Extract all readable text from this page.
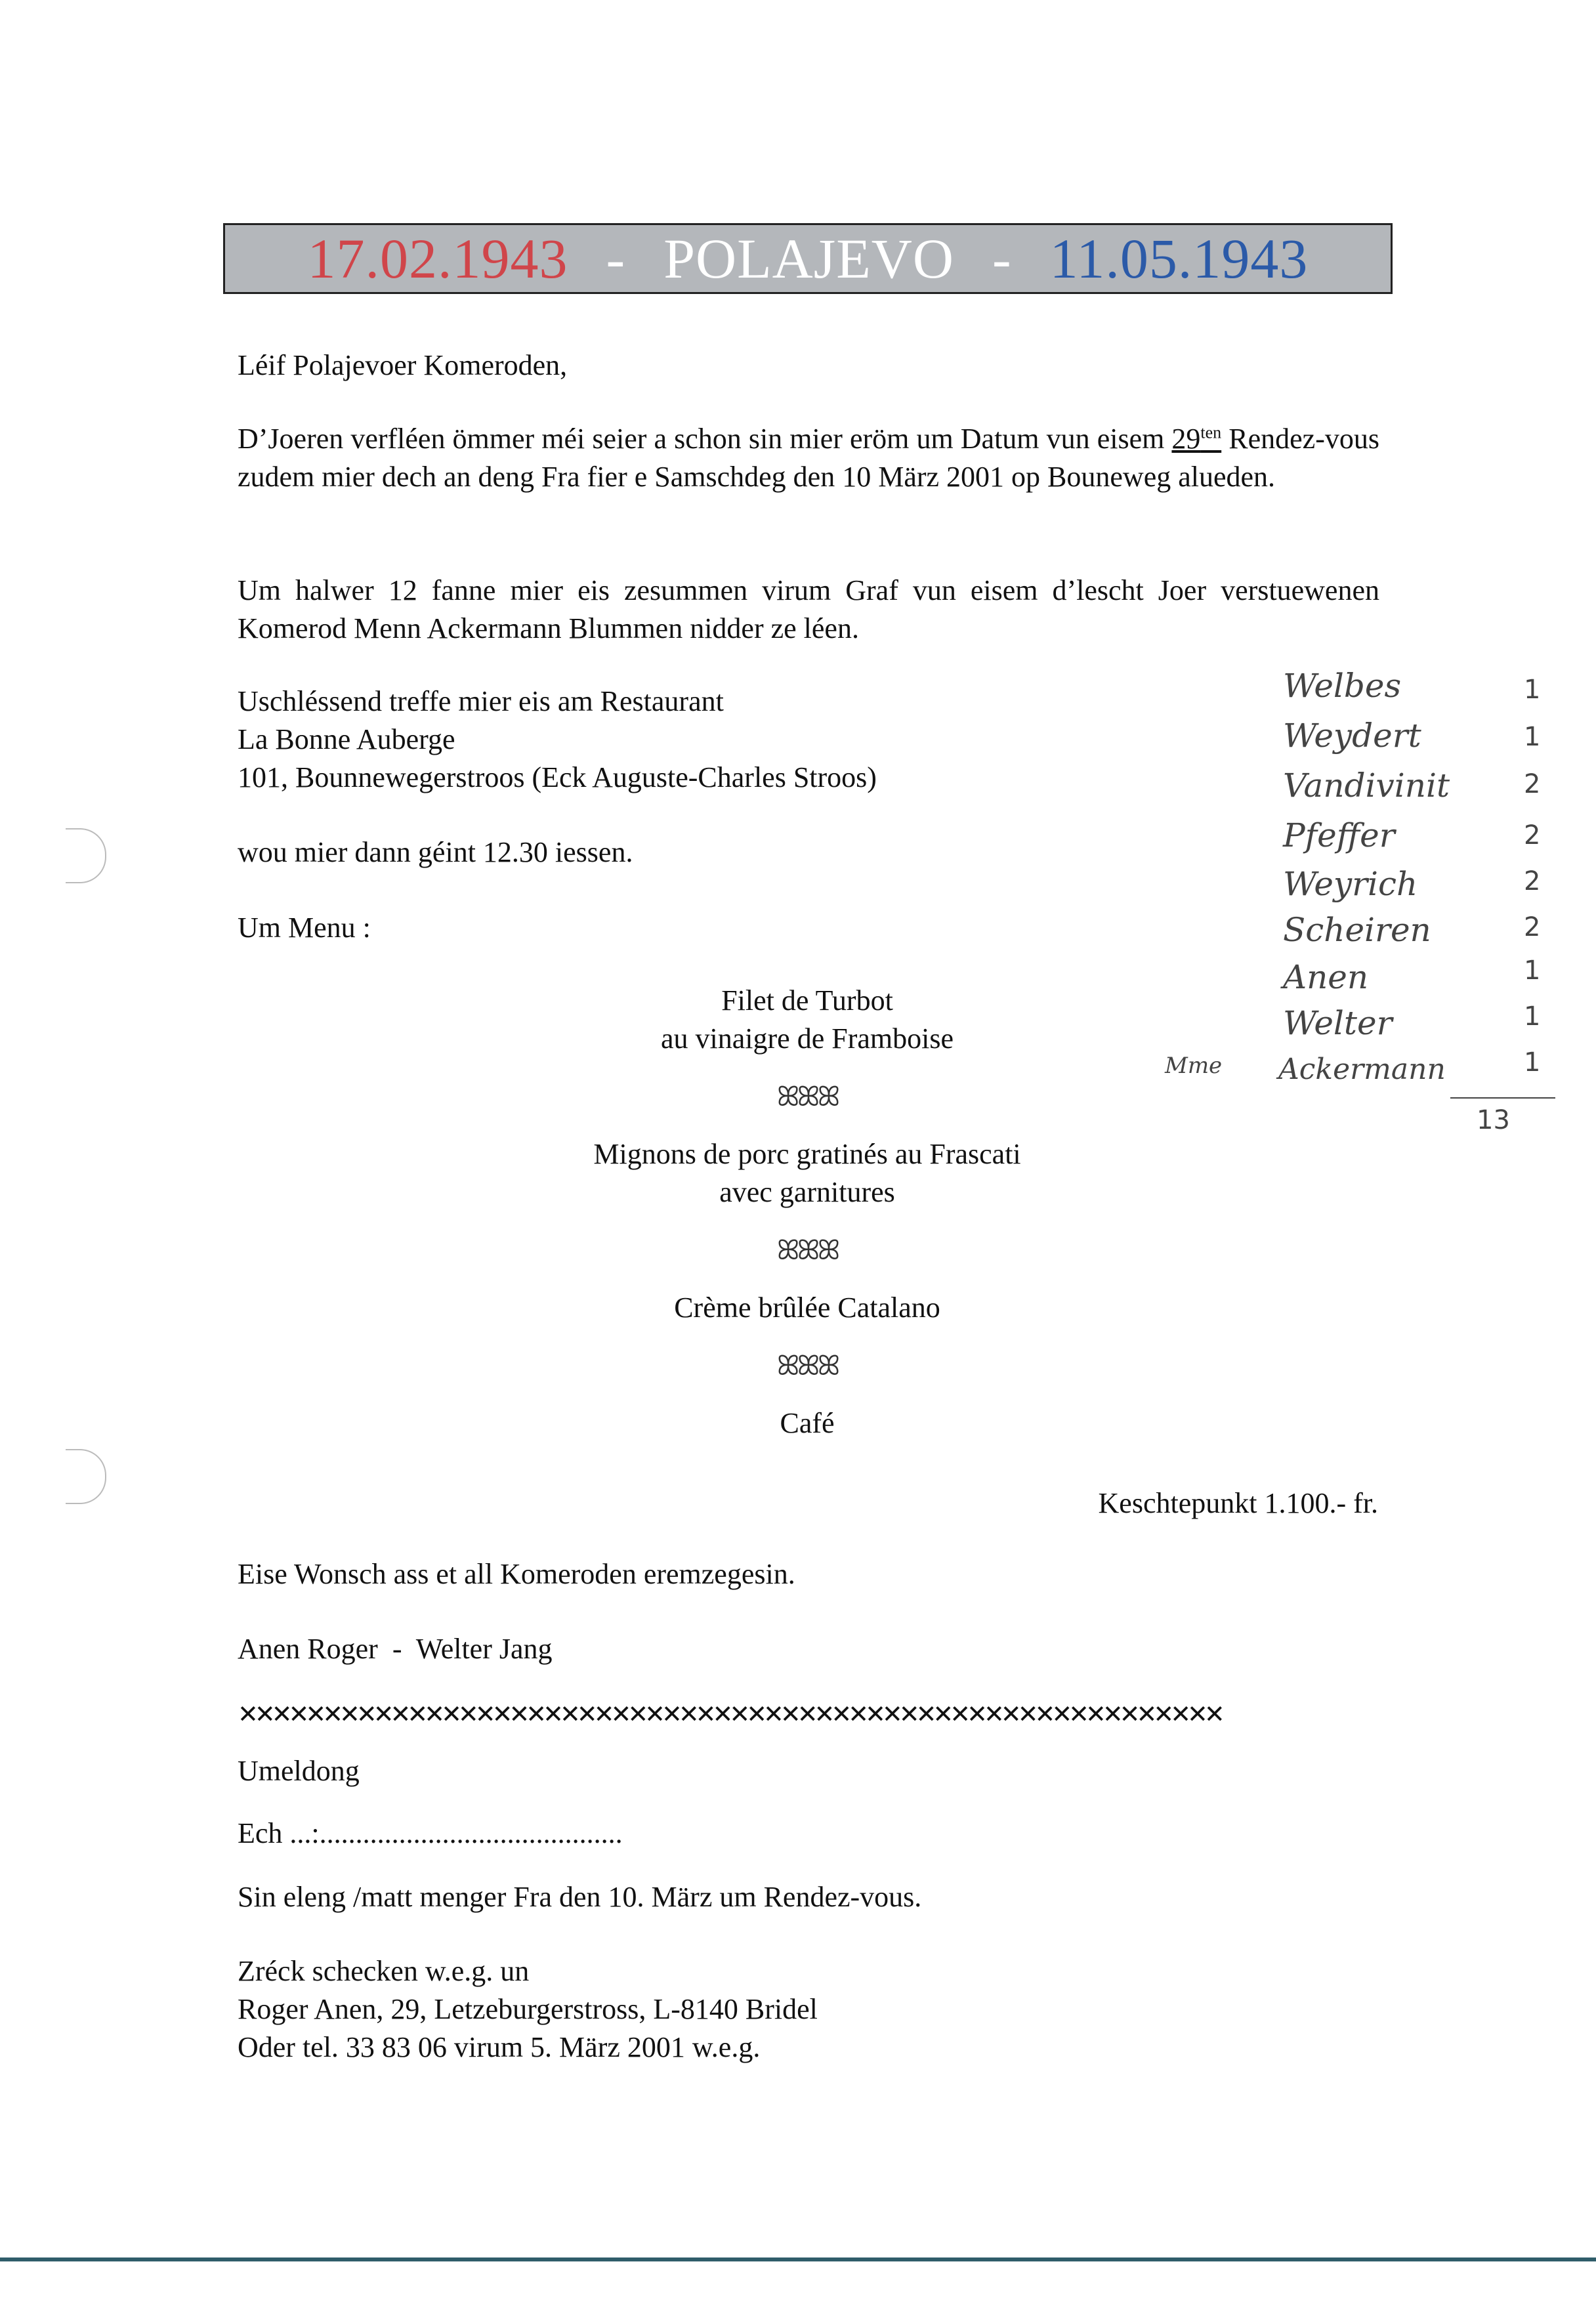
17.02.1943 - POLAJEVO - 11.05.1943
Léif Polajevoer Komeroden,
D’Joeren verfléen ömmer méi seier a schon sin mier eröm um Datum vun eisem $29^{ten}$ Rendez-vous zudem mier dech an deng Fra fier e Samschdeg den 10 März 2001 op Bouneweg alueden.
Um halwer 12 fanne mier eis zesummen virum Graf vun eisem d’lescht Joer verstuewenen Komerod Menn Ackermann Blummen nidder ze léen.
Uschléssend treffe mier eis am Restaurant
La Bonne Auberge
101, Bounnewegerstroos (Eck Auguste-Charles Stroos)
wou mier dann géint 12.30 iessen.
Um Menu :
Filet de Turbot
au vinaigre de Framboise
ꕤꕤꕤ
Mignons de porc gratinés au Frascati
avec garnitures
ꕤꕤꕤ
Crème brûlée Catalano
ꕤꕤꕤ
Café
Keschtepunkt 1.100.- fr.
Eise Wonsch ass et all Komeroden eremzegesin.
Anen Roger  -  Welter Jang
✕✕✕✕✕✕✕✕✕✕✕✕✕✕✕✕✕✕✕✕✕✕✕✕✕✕✕✕✕✕✕✕✕✕✕✕✕✕✕✕✕✕✕✕✕✕✕✕✕✕✕✕✕✕✕✕✕✕
Umeldong
Ech ...:..........................................
Sin eleng /matt menger Fra den 10. März um Rendez-vous.
Zréck schecken w.e.g. un
Roger Anen, 29, Letzeburgerstross, L-8140 Bridel
Oder tel. 33 83 06 virum 5. März 2001 w.e.g.
Welbes
Weydert
Vandivinit
Pfeffer
Weyrich
Scheiren
Anen
Welter
Mme Ackermann
1
1
2
2
2
2
1
1
1
13
